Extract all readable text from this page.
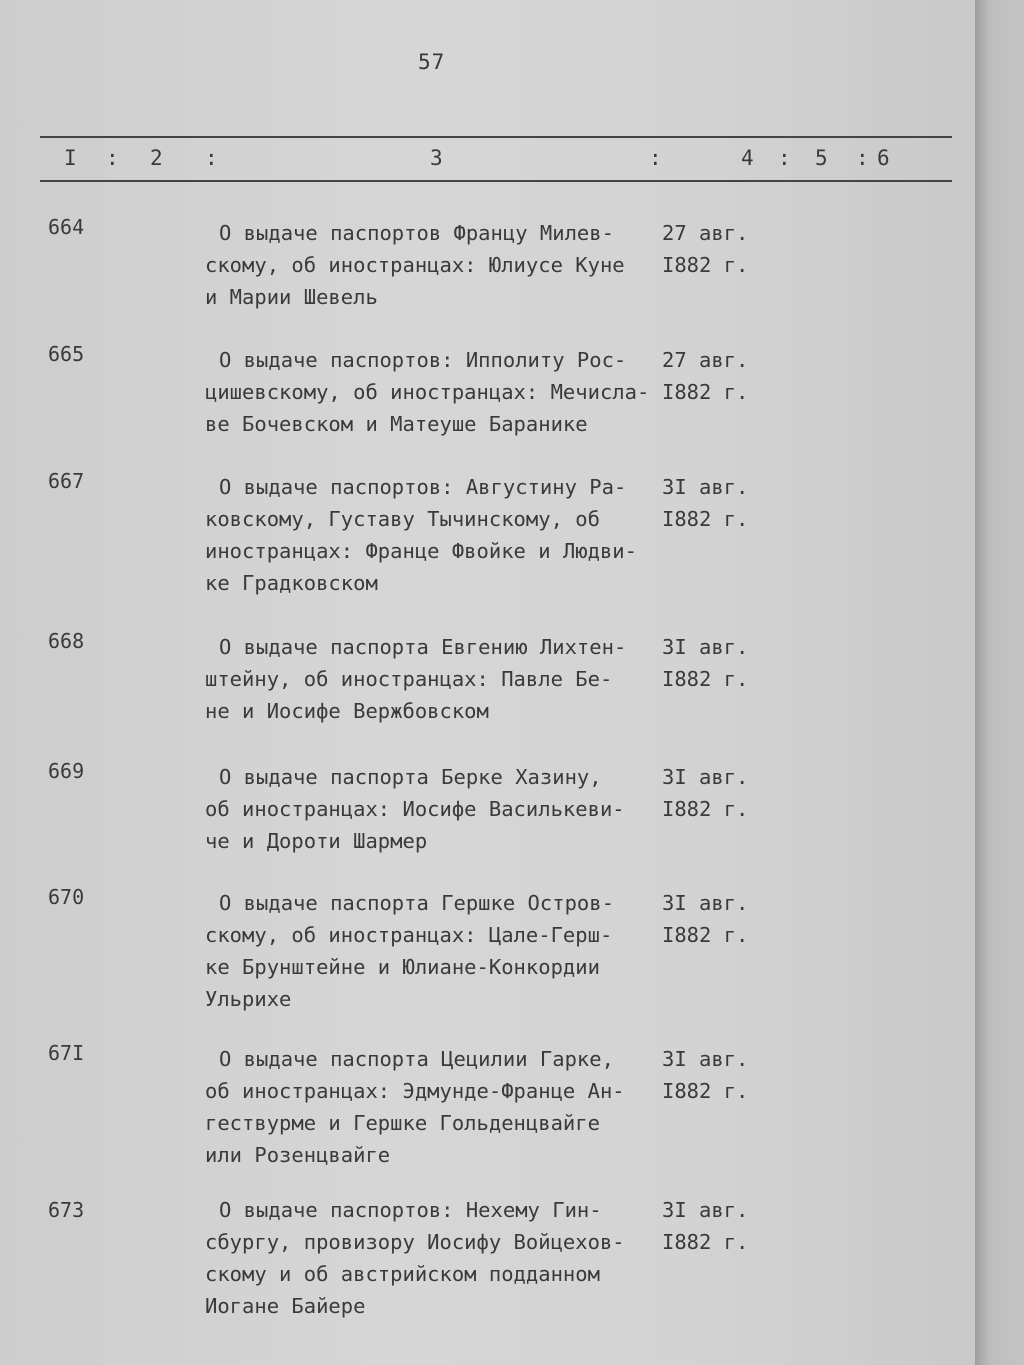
57
I : 2 :	3	:	4 : 5 : 6
664	О выдаче паспортов Францу Милев-
скому, об иностранцах: Юлиусе Куне
и Марии Шевель
27 авг.
I882 г.
665	О выдаче паспортов: Ипполиту Рос-
цишевскому, об иностранцах: Мечисла-
ве Бочевском и Матеуше Баранике
27 авг.
I882 г.
667	О выдаче паспортов: Августину Ра-
ковскому, Густаву Тычинскому, об
иностранцах: Франце Фвойке и Людви-
ке Градковском
3I авг.
I882 г.
668	О выдаче паспорта Евгению Лихтен-
штейну, об иностранцах: Павле Бе-
не и Иосифе Вержбовском
3I авг.
I882 г.
669	О выдаче паспорта Берке Хазину,
об иностранцах: Иосифе Василькеви-
че и Дороти Шармер
3I авг.
I882 г.
670	О выдаче паспорта Гершке Остров-
скому, об иностранцах: Цале-Герш-
ке Брунштейне и Юлиане-Конкордии
Ульрихе
3I авг.
I882 г.
67I	О выдаче паспорта Цецилии Гарке,
об иностранцах: Эдмунде-Франце Ан-
гествурме и Гершке Гольденцвайге
или Розенцвайге
3I авг.
I882 г.
673	О выдаче паспортов: Нехему Гин-
сбургу, провизору Иосифу Войцехов-
скому и об австрийском подданном
Иогане Байере
3I авг.
I882 г.
